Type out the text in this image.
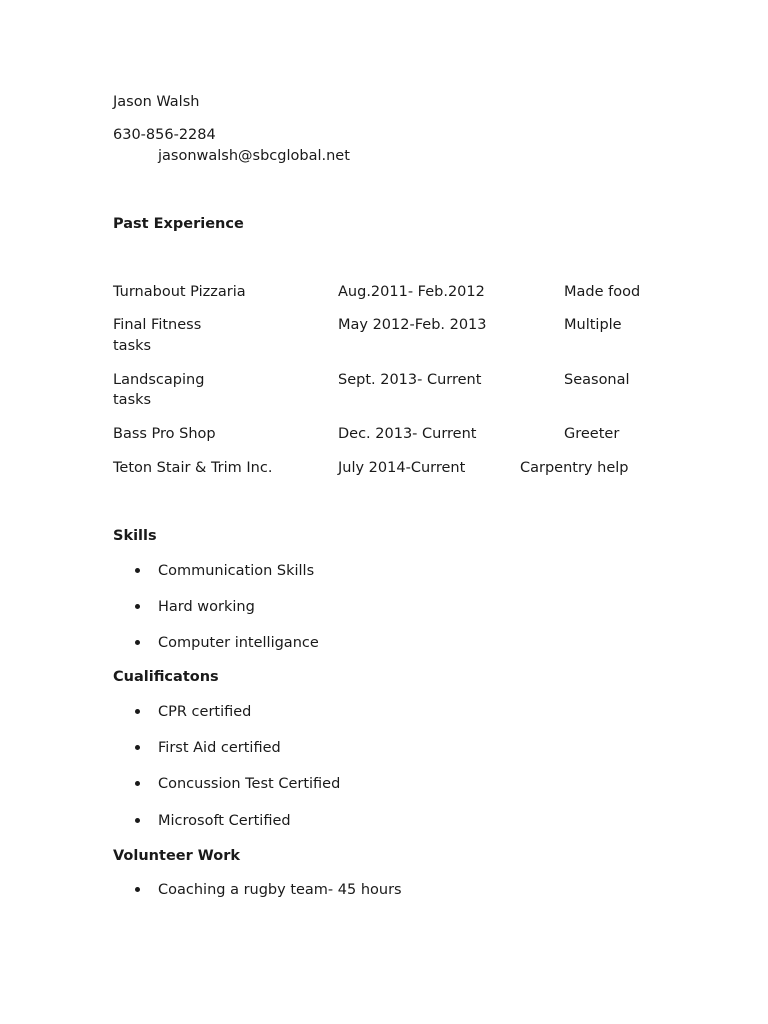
Jason Walsh
630-856-2284
jasonwalsh@sbcglobal.net
Past Experience
Turnabout Pizzaria	Aug.2011- Feb.2012	Made food
Final Fitness	May 2012-Feb. 2013	Multiple
tasks
Landscaping	Sept. 2013- Current	Seasonal
tasks
Bass Pro Shop	Dec. 2013- Current	Greeter
Teton Stair & Trim Inc.	July 2014-Current	Carpentry help
Skills
Communication Skills
Hard working
Computer intelligance
Cualificatons
CPR certified
First Aid certified
Concussion Test Certified
Microsoft Certified
Volunteer Work
Coaching a rugby team- 45 hours
